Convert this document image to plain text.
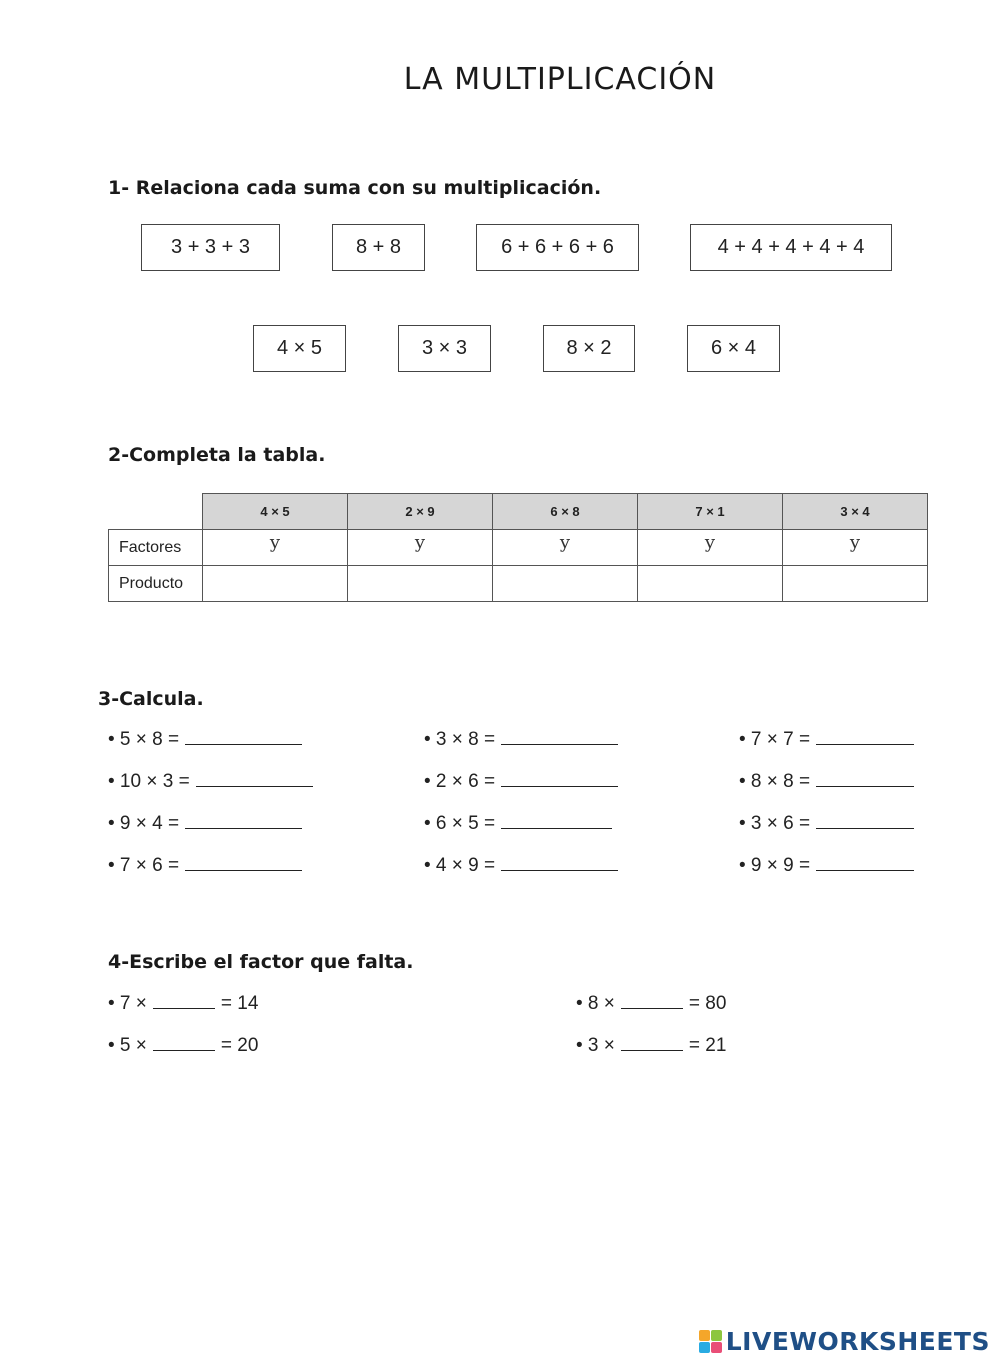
LA MULTIPLICACIÓN
1- Relaciona cada suma con su multiplicación.
3 + 3 + 3	8 + 8	6 + 6 + 6 + 6	4 + 4 + 4 + 4 + 4
4 × 5	3 × 3	8 × 2	6 × 4
2-Completa la tabla.
	4 × 5	2 × 9	6 × 8	7 × 1	3 × 4
Factores	y	y	y	y	y
Producto					
3-Calcula.
• 5 × 8 =
• 10 × 3 =
• 9 × 4 =
• 7 × 6 =
• 3 × 8 =
• 2 × 6 =
• 6 × 5 =
• 4 × 9 =
• 7 × 7 =
• 8 × 8 =
• 3 × 6 =
• 9 × 9 =
4-Escribe el factor que falta.
• 7 ×	= 14	• 8 ×	= 80
• 5 ×	= 20	• 3 ×	= 21
LIVEWORKSHEETS
